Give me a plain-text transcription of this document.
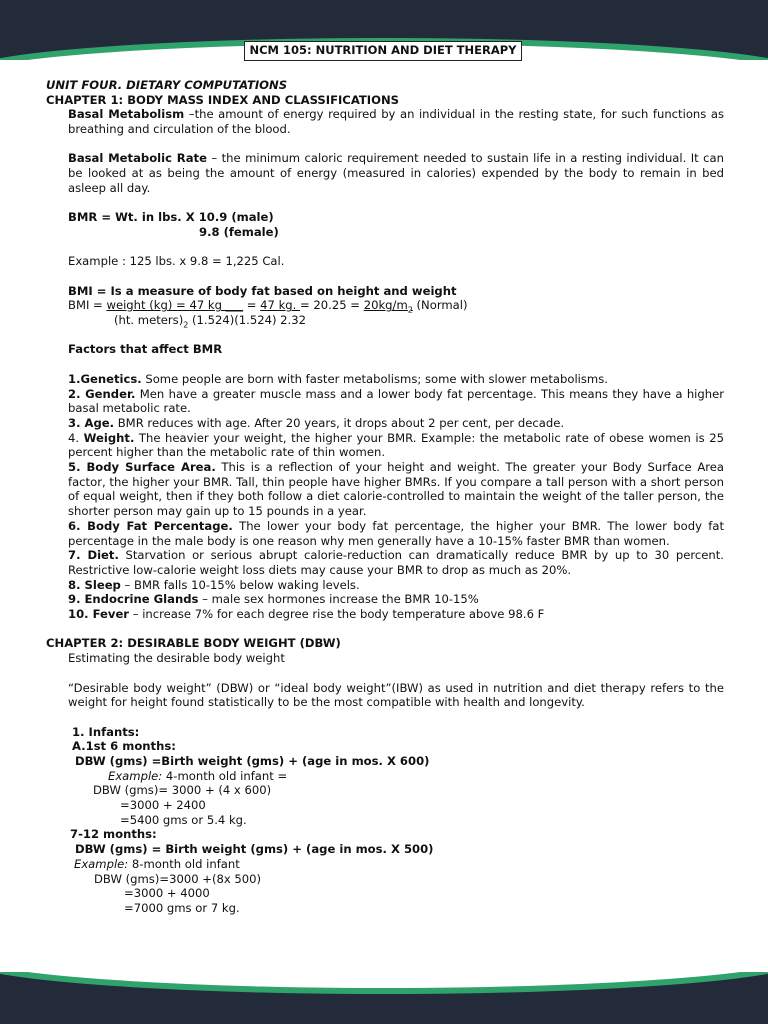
NCM 105: NUTRITION AND DIET THERAPY
UNIT FOUR. DIETARY COMPUTATIONS
CHAPTER 1: BODY MASS INDEX AND CLASSIFICATIONS
Basal Metabolism –the amount of energy required by an individual in the resting state, for such functions as breathing and circulation of the blood.
Basal Metabolic Rate – the minimum caloric requirement needed to sustain life in a resting individual. It can be looked at as being the amount of energy (measured in calories) expended by the body to remain in bed asleep all day.
BMR = Wt. in lbs. X 10.9 (male)
9.8 (female)
Example : 125 lbs. x 9.8 = 1,225 Cal.
BMI = Is a measure of body fat based on height and weight
BMI = weight (kg) = 47 kg ___ = 47 kg. = $20.25 = 20kg/m_2$ (Normal)
(ht. $meters)_2$ (1.524)(1.524) 2.32
Factors that affect BMR
1.Genetics. Some people are born with faster metabolisms; some with slower metabolisms.
2. Gender. Men have a greater muscle mass and a lower body fat percentage. This means they have a higher basal metabolic rate.
3. Age. BMR reduces with age. After 20 years, it drops about 2 per cent, per decade.
4. Weight. The heavier your weight, the higher your BMR. Example: the metabolic rate of obese women is 25 percent higher than the metabolic rate of thin women.
5. Body Surface Area. This is a reflection of your height and weight. The greater your Body Surface Area factor, the higher your BMR. Tall, thin people have higher BMRs. If you compare a tall person with a short person of equal weight, then if they both follow a diet calorie-controlled to maintain the weight of the taller person, the shorter person may gain up to 15 pounds in a year.
6. Body Fat Percentage. The lower your body fat percentage, the higher your BMR. The lower body fat percentage in the male body is one reason why men generally have a 10-15% faster BMR than women.
7. Diet. Starvation or serious abrupt calorie-reduction can dramatically reduce BMR by up to 30 percent. Restrictive low-calorie weight loss diets may cause your BMR to drop as much as 20%.
8. Sleep – BMR falls 10-15% below waking levels.
9. Endocrine Glands – male sex hormones increase the BMR 10-15%
10. Fever – increase 7% for each degree rise the body temperature above 98.6 F
CHAPTER 2: DESIRABLE BODY WEIGHT (DBW)
Estimating the desirable body weight
“Desirable body weight” (DBW) or “ideal body weight”(IBW) as used in nutrition and diet therapy refers to the weight for height found statistically to be the most compatible with health and longevity.
1. Infants:
A.1st 6 months:
DBW (gms) =Birth weight (gms) + (age in mos. X 600)
Example: 4-month old infant =
DBW (gms)= 3000 + (4 x 600)
=3000 + 2400
=5400 gms or 5.4 kg.
7-12 months:
DBW (gms) = Birth weight (gms) + (age in mos. X 500)
Example: 8-month old infant
DBW (gms)=3000 +(8x 500)
=3000 + 4000
=7000 gms or 7 kg.
